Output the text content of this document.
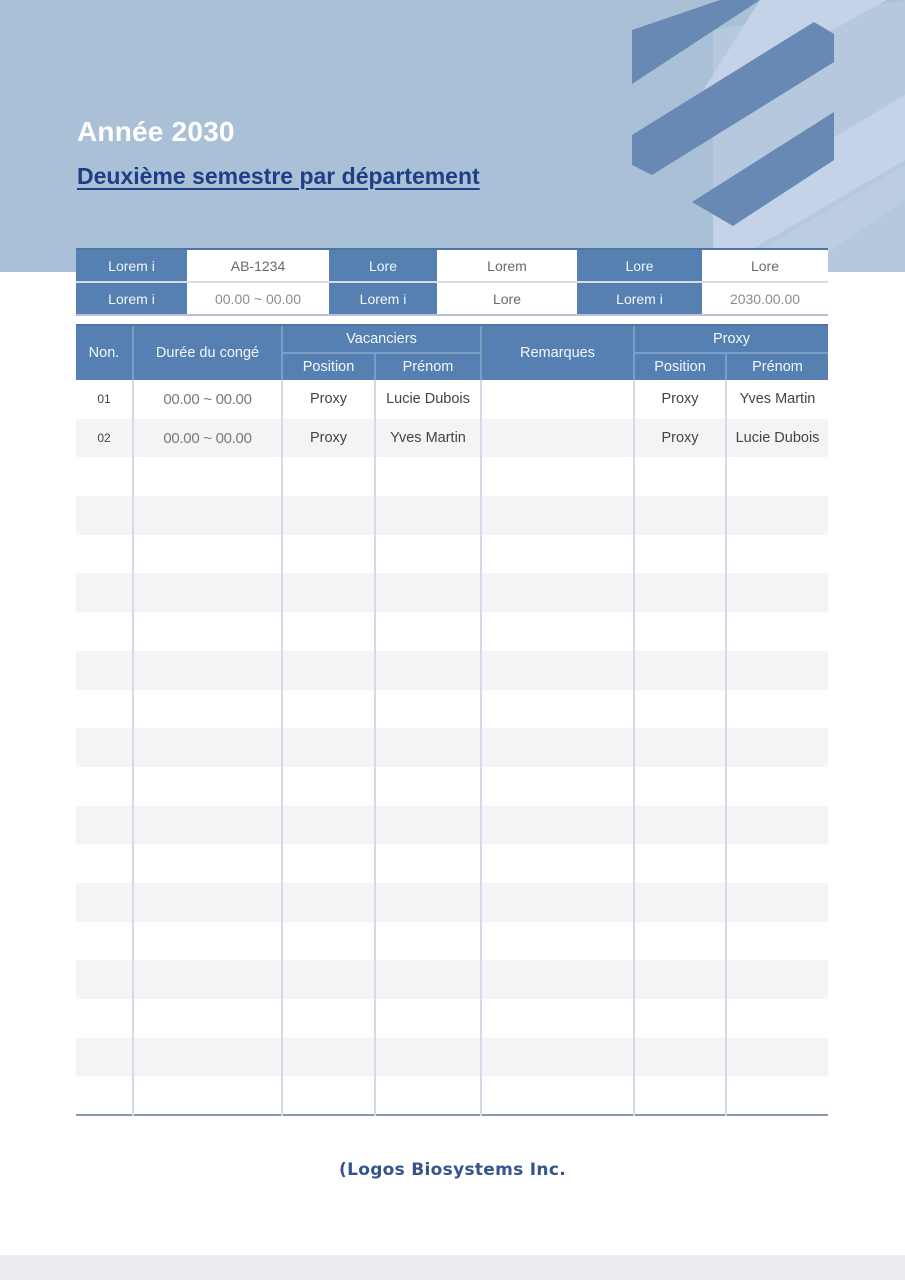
Année 2030
Deuxième semestre par département
Lorem i	AB-1234	Lore	Lorem	Lore	Lore
Lorem i	00.00 ~ 00.00	Lorem i	Lore	Lorem i	2030.00.00
Non.	Durée du congé	Vacanciers		Remarques	Proxy	
		Position	Prénom		Position	Prénom
01	00.00 ~ 00.00	Proxy	Lucie Dubois		Proxy	Yves Martin
02	00.00 ~ 00.00	Proxy	Yves Martin		Proxy	Lucie Dubois

(Logos Biosystems Inc.
